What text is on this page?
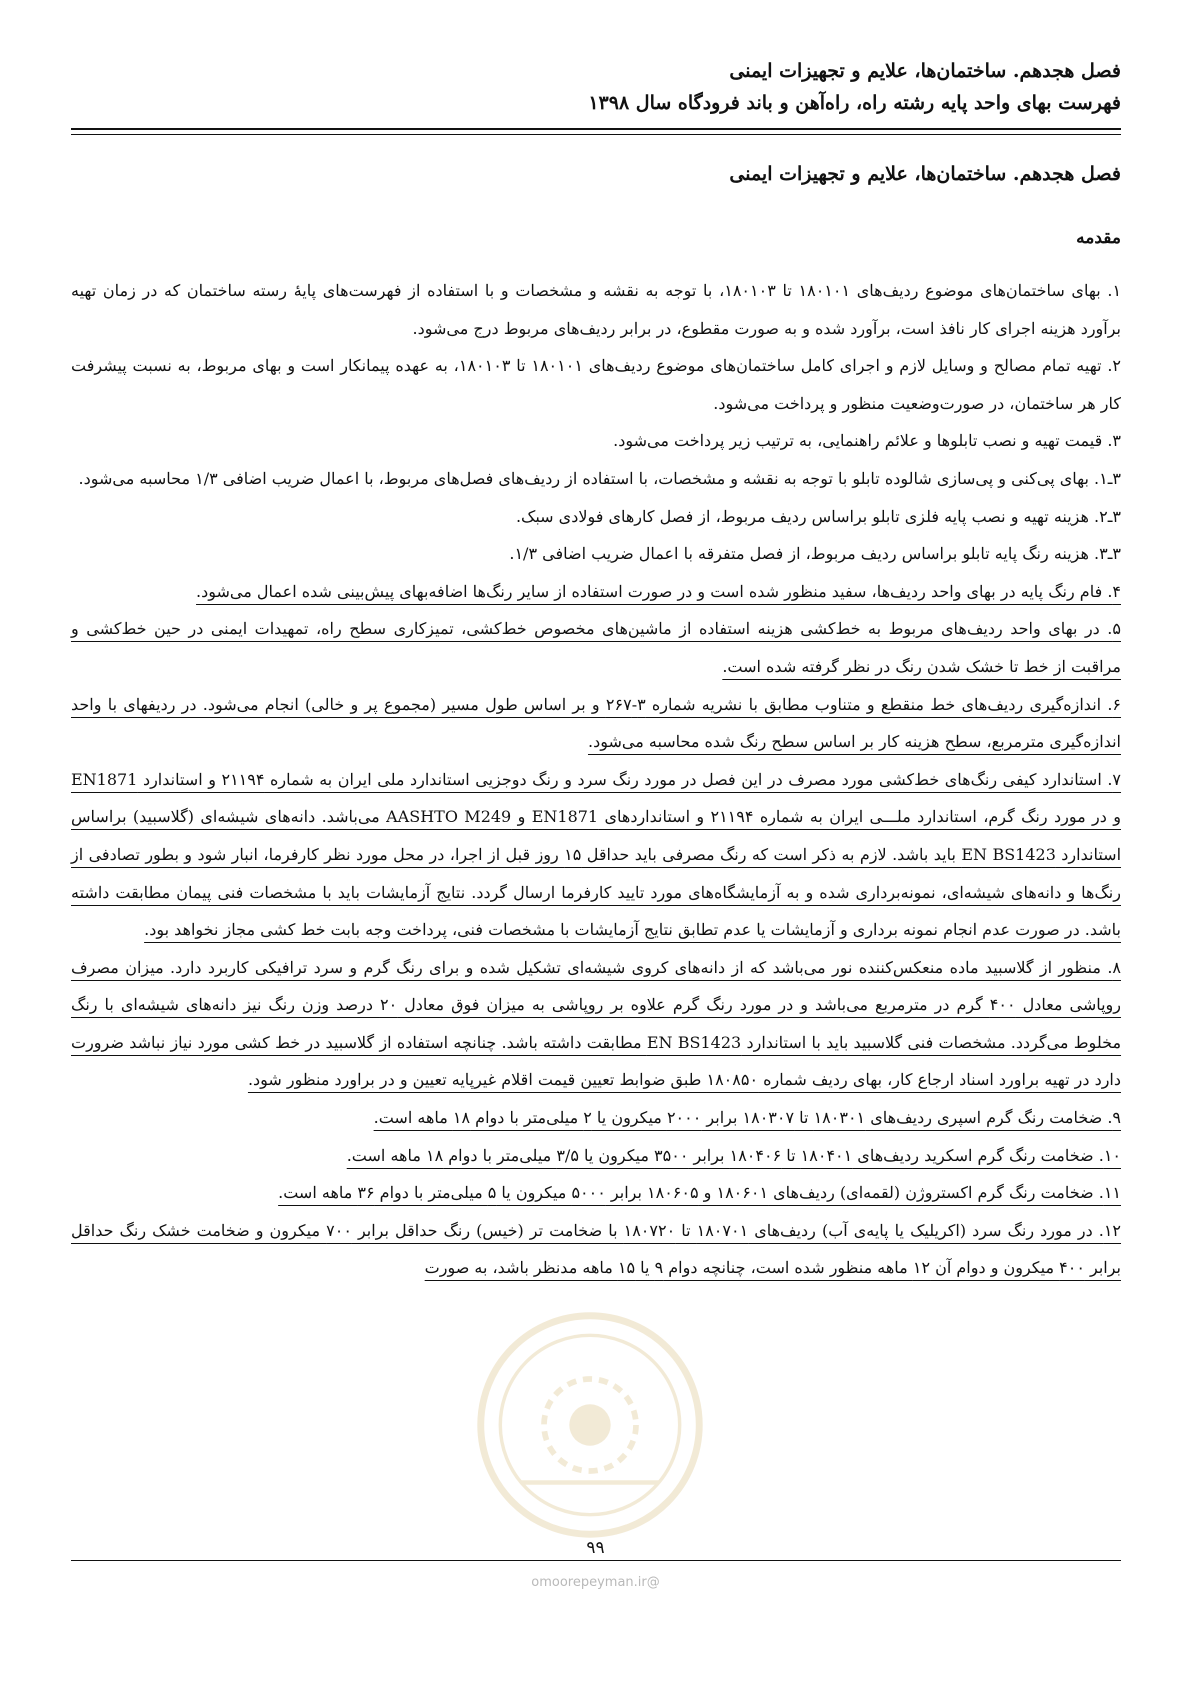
فصل هجدهم. ساختمان‌ها، علایم و تجهیزات ایمنی
فهرست بهای واحد پایه رشته راه، راه‌آهن و باند فرودگاه سال ۱۳۹۸
فصل هجدهم. ساختمان‌ها، علایم و تجهیزات ایمنی
مقدمه

۱. بهای ساختمان‌های موضوع ردیف‌های ۱۸۰۱۰۱ تا ۱۸۰۱۰۳، با توجه به نقشه و مشخصات و با استفاده از فهرست‌های پایهٔ رسته ساختمان که در زمان تهیه برآورد هزینه اجرای کار نافذ است، برآورد شده و به صورت مقطوع، در برابر ردیف‌های مربوط درج می‌شود.

۲. تهیه تمام مصالح و وسایل لازم و اجرای کامل ساختمان‌های موضوع ردیف‌های ۱۸۰۱۰۱ تا ۱۸۰۱۰۳، به عهده پیمانکار است و بهای مربوط، به نسبت پیشرفت کار هر ساختمان، در صورت‌وضعیت منظور و پرداخت می‌شود.

۳. قیمت تهیه و نصب تابلوها و علائم راهنمایی، به ترتیب زیر پرداخت می‌شود.

۳ـ۱. بهای پی‌کنی و پی‌سازی شالوده تابلو با توجه به نقشه و مشخصات، با استفاده از ردیف‌های فصل‌های مربوط، با اعمال ضریب اضافی ۱/۳ محاسبه می‌شود.

۳ـ۲. هزینه تهیه و نصب پایه فلزی تابلو براساس ردیف مربوط، از فصل کارهای فولادی سبک.

۳ـ۳. هزینه رنگ پایه تابلو براساس ردیف مربوط، از فصل متفرقه با اعمال ضریب اضافی ۱/۳.

۴. فام رنگ پایه در بهای واحد ردیف‌ها، سفید منظور شده است و در صورت استفاده از سایر رنگ‌ها اضافه‌بهای پیش‌بینی شده اعمال می‌شود.

۵. در بهای واحد ردیف‌های مربوط به خط‌کشی هزینه استفاده از ماشین‌های مخصوص خط‌کشی، تمیزکاری سطح راه، تمهیدات ایمنی در حین خط‌کشی و مراقبت از خط تا خشک شدن رنگ در نظر گرفته شده است.

۶. اندازه‌گیری ردیف‌های خط منقطع و متناوب مطابق با نشریه شماره ۳-۲۶۷ و بر اساس طول مسیر (مجموع پر و خالی) انجام می‌شود. در ردیفهای با واحد اندازه‌گیری مترمربع، سطح هزینه کار بر اساس سطح رنگ شده محاسبه می‌شود.

۷. استاندارد کیفی رنگ‌های خط‌کشی مورد مصرف در این فصل در مورد رنگ سرد و رنگ دوجزیی استاندارد ملی ایران به شماره ۲۱۱۹۴ و استاندارد EN1871 و در مورد رنگ گرم، استاندارد ملـــی ایران به شماره ۲۱۱۹۴ و استانداردهای EN1871 و AASHTO M249 می‌باشد. دانه‌های شیشه‌ای (گلاسبید) براساس استاندارد EN BS1423 باید باشد. لازم به ذکر است که رنگ مصرفی باید حداقل ۱۵ روز قبل از اجرا، در محل مورد نظر کارفرما، انبار شود و بطور تصادفی از رنگ‌ها و دانه‌های شیشه‌ای، نمونه‌برداری شده و به آزمایشگاه‌های مورد تایید کارفرما ارسال گردد. نتایج آزمایشات باید با مشخصات فنی پیمان مطابقت داشته باشد. در صورت عدم انجام نمونه برداری و آزمایشات یا عدم تطابق نتایج آزمایشات با مشخصات فنی، پرداخت وجه بابت خط کشی مجاز نخواهد بود.

۸. منظور از گلاسبید ماده منعکس‌کننده نور می‌باشد که از دانه‌های کروی شیشه‌ای تشکیل شده و برای رنگ گرم و سرد ترافیکی کاربرد دارد. میزان مصرف روپاشی معادل ۴۰۰ گرم در مترمربع می‌باشد و در مورد رنگ گرم علاوه بر روپاشی به میزان فوق معادل ۲۰ درصد وزن رنگ نیز دانه‌های شیشه‌ای با رنگ مخلوط می‌گردد. مشخصات فنی گلاسبید باید با استاندارد EN BS1423 مطابقت داشته باشد. چنانچه استفاده از گلاسبید در خط کشی مورد نیاز نباشد ضرورت دارد در تهیه براورد اسناد ارجاع کار، بهای ردیف شماره ۱۸۰۸۵۰ طبق ضوابط تعیین قیمت اقلام غیرپایه تعیین و در براورد منظور شود.

۹. ضخامت رنگ گرم اسپری ردیف‌های ۱۸۰۳۰۱ تا ۱۸۰۳۰۷ برابر ۲۰۰۰ میکرون یا ۲ میلی‌متر با دوام ۱۸ ماهه است.

۱۰. ضخامت رنگ گرم اسکرید ردیف‌های ۱۸۰۴۰۱ تا ۱۸۰۴۰۶ برابر ۳۵۰۰ میکرون یا ۳/۵ میلی‌متر با دوام ۱۸ ماهه است.

۱۱. ضخامت رنگ گرم اکستروژن (لقمه‌ای) ردیف‌های ۱۸۰۶۰۱ و ۱۸۰۶۰۵ برابر ۵۰۰۰ میکرون یا ۵ میلی‌متر با دوام ۳۶ ماهه است.

۱۲. در مورد رنگ سرد (اکریلیک یا پایه‌ی آب) ردیف‌های ۱۸۰۷۰۱ تا ۱۸۰۷۲۰ با ضخامت تر (خیس) رنگ حداقل برابر ۷۰۰ میکرون و ضخامت خشک رنگ حداقل برابر ۴۰۰ میکرون و دوام آن ۱۲ ماهه منظور شده است، چنانچه دوام ۹ یا ۱۵ ماهه مدنظر باشد، به صورت

۹۹
@omoorepeyman.ir
